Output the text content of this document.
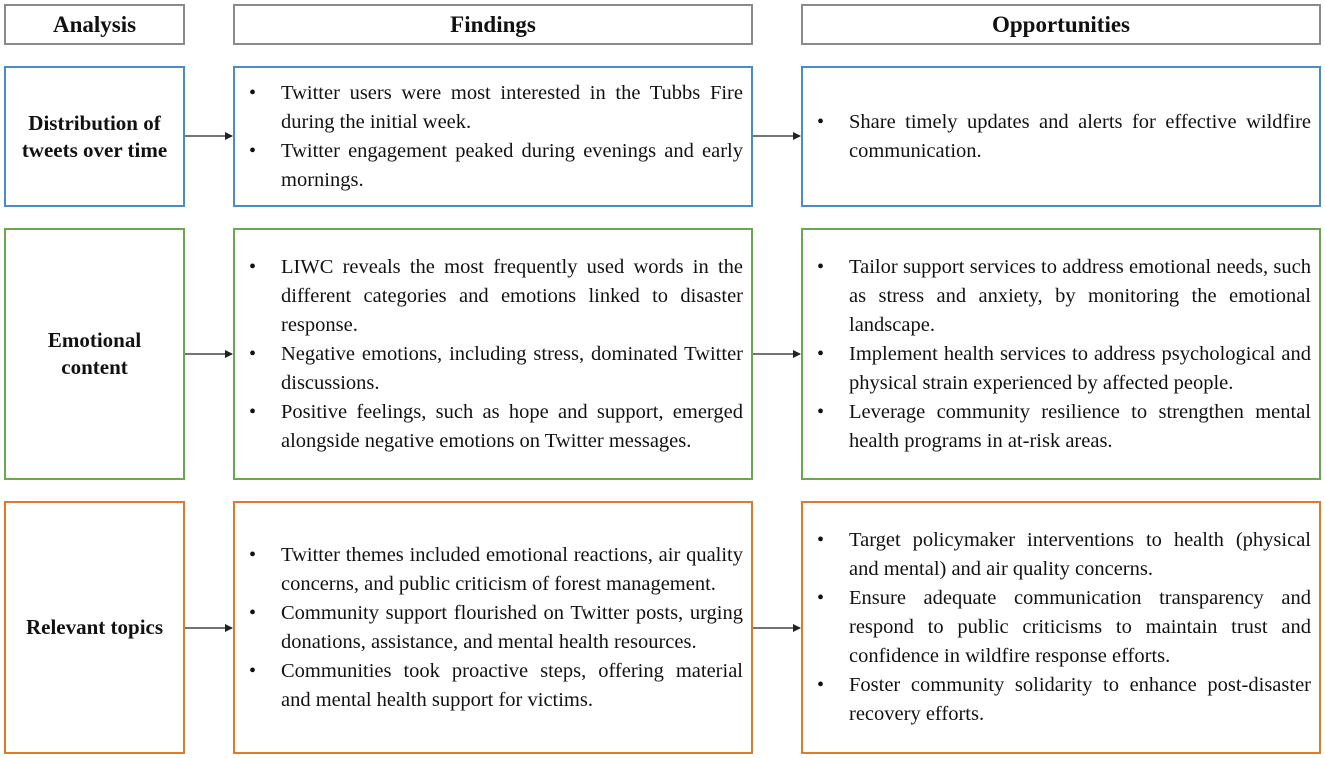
Analysis	Findings	Opportunities
Distribution of
tweets over time
• Twitter users were most interested in the Tubbs Fire during the initial week.
• Twitter engagement peaked during evenings and early mornings.
• Share timely updates and alerts for effective wildfire communication.
Emotional
content
• LIWC reveals the most frequently used words in the different categories and emotions linked to disaster response.
• Negative emotions, including stress, dominated Twitter discussions.
• Positive feelings, such as hope and support, emerged alongside negative emotions on Twitter messages.
• Tailor support services to address emotional needs, such as stress and anxiety, by monitoring the emotional landscape.
• Implement health services to address psychological and physical strain experienced by affected people.
• Leverage community resilience to strengthen mental health programs in at-risk areas.
Relevant topics
• Twitter themes included emotional reactions, air quality concerns, and public criticism of forest management.
• Community support flourished on Twitter posts, urging donations, assistance, and mental health resources.
• Communities took proactive steps, offering material and mental health support for victims.
• Target policymaker interventions to health (physical and mental) and air quality concerns.
• Ensure adequate communication transparency and respond to public criticisms to maintain trust and confidence in wildfire response efforts.
• Foster community solidarity to enhance post-disaster recovery efforts.
